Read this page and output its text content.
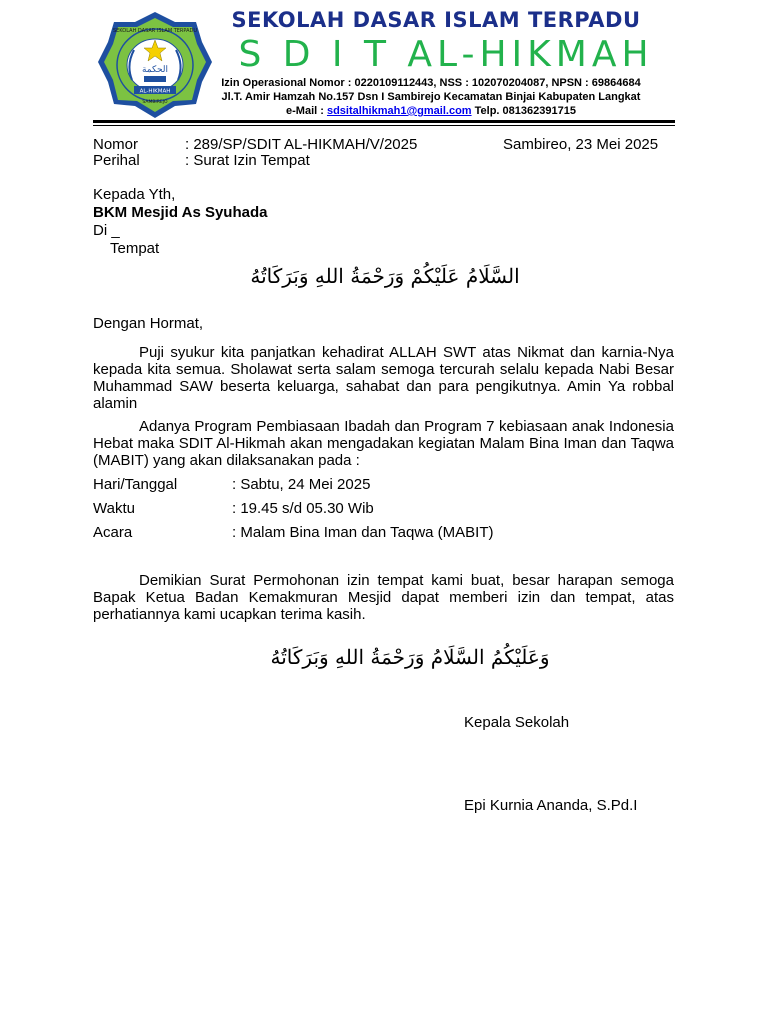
SEKOLAH DASAR ISLAM TERPADU
الحكمة
AL-HIKMAH
SAMBIREJO
SEKOLAH DASAR ISLAM TERPADU
S D I T AL-HIKMAH
Izin Operasional Nomor : 0220109112443, NSS : 102070204087, NPSN : 69864684
Jl.T. Amir Hamzah No.157 Dsn I Sambirejo Kecamatan Binjai Kabupaten Langkat
e-Mail : sdsitalhikmah1@gmail.com Telp. 081362391715
Nomor	: 289/SP/SDIT AL-HIKMAH/V/2025	Sambireo, 23 Mei 2025
Perihal	: Surat Izin Tempat
Kepada Yth,
BKM Mesjid As Syuhada
Di _
Tempat
السَّلَامُ عَلَيْكُمْ وَرَحْمَةُ اللهِ وَبَرَكَاتُهُ
Dengan Hormat,
Puji syukur kita panjatkan kehadirat ALLAH SWT atas Nikmat dan karnia-Nya kepada kita semua. Sholawat serta salam semoga tercurah selalu kepada Nabi Besar Muhammad SAW beserta keluarga, sahabat dan para pengikutnya. Amin Ya robbal alamin
Adanya Program Pembiasaan Ibadah dan Program 7 kebiasaan anak Indonesia Hebat maka SDIT Al-Hikmah akan mengadakan kegiatan Malam Bina Iman dan Taqwa (MABIT) yang akan dilaksanakan pada :
Hari/Tanggal	: Sabtu, 24 Mei 2025
Waktu	: 19.45 s/d 05.30 Wib
Acara	: Malam Bina Iman dan Taqwa (MABIT)
Demikian Surat Permohonan izin tempat kami buat, besar harapan semoga Bapak Ketua Badan Kemakmuran Mesjid dapat memberi izin dan tempat, atas perhatiannya kami ucapkan terima kasih.
وَعَلَيْكُمُ السَّلَامُ وَرَحْمَةُ اللهِ وَبَرَكَاتُهُ
Kepala Sekolah
Epi Kurnia Ananda, S.Pd.I
